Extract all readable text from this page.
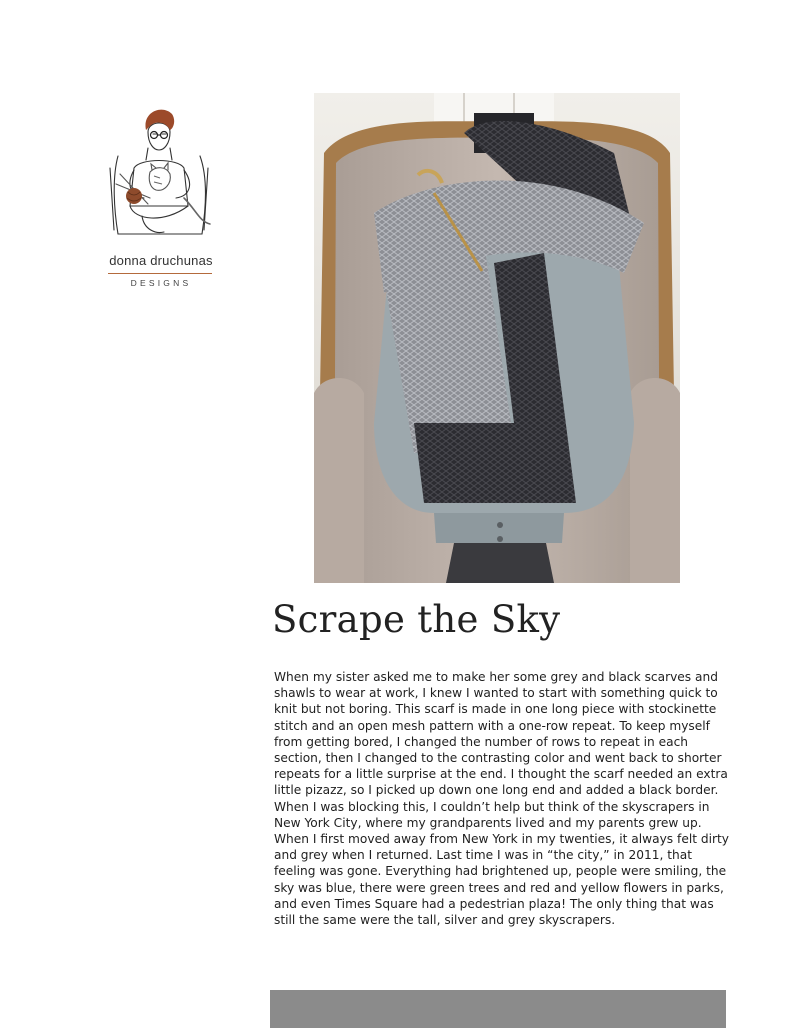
donna druchunas
DESIGNS
Scrape the Sky

When my sister asked me to make her some grey and black scarves and shawls to wear at work, I knew I wanted to start with something quick to knit but not boring. This scarf is made in one long piece with stockinette stitch and an open mesh pattern with a one-row repeat. To keep myself from getting bored, I changed the number of rows to repeat in each section, then I changed to the contrasting color and went back to shorter repeats for a little surprise at the end. I thought the scarf needed an extra little pizazz, so I picked up down one long end and added a black border. When I was blocking this, I couldn’t help but think of the skyscrapers in New York City, where my grandparents lived and my parents grew up. When I first moved away from New York in my twenties, it always felt dirty and grey when I returned. Last time I was in “the city,” in 2011, that feeling was gone. Everything had brightened up, people were smiling, the sky was blue, there were green trees and red and yellow flowers in parks, and even Times Square had a pedestrian plaza! The only thing that was still the same were the tall, silver and grey skyscrapers.
